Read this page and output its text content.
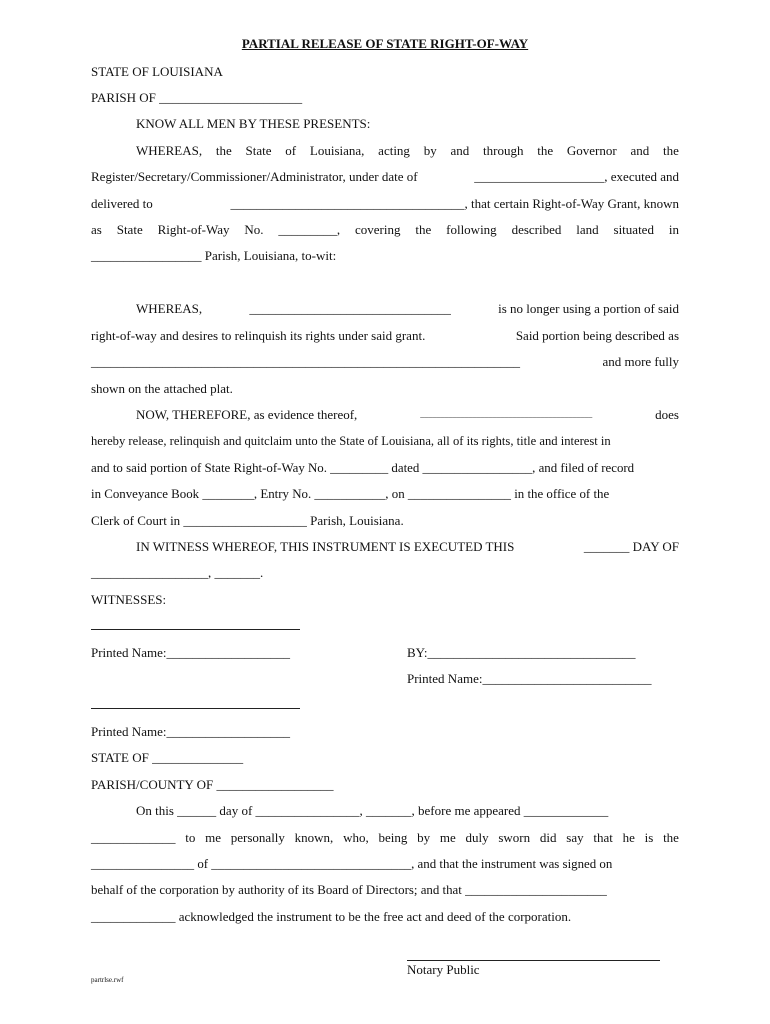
PARTIAL RELEASE OF STATE RIGHT-OF-WAY
STATE OF LOUISIANA
PARISH OF ______________________
KNOW ALL MEN BY THESE PRESENTS:
WHEREAS, the State of Louisiana, acting by and through the Governor and the
Register/Secretary/Commissioner/Administrator, under date of	____________________, executed and
delivered to	____________________________________, that certain Right-of-Way Grant, known
as State Right-of-Way No. _________, covering the following described land situated in
_________________ Parish, Louisiana, to-wit:
WHEREAS,	_______________________________	is no longer using a portion of said
right-of-way and desires to relinquish its rights under said grant.	Said portion being described as
__________________________________________________________________	and more fully
shown on the attached plat.
NOW, THEREFORE, as evidence thereof,	___________________________________________	does
hereby release, relinquish and quitclaim unto the State of Louisiana, all of its rights, title and interest in
and to said portion of State Right-of-Way No. _________ dated _________________, and filed of record
in Conveyance Book ________, Entry No. ___________, on ________________ in the office of the
Clerk of Court in ___________________ Parish, Louisiana.
IN WITNESS WHEREOF, THIS INSTRUMENT IS EXECUTED THIS	_______ DAY OF
__________________, _______.
WITNESSES:
Printed Name:___________________	BY:________________________________
Printed Name:__________________________
Printed Name:___________________
STATE OF ______________
PARISH/COUNTY OF __________________
On this ______ day of ________________, _______, before me appeared _____________
_____________ to me personally known, who, being by me duly sworn did say that he is the
________________ of _______________________________, and that the instrument was signed on
behalf of the corporation by authority of its Board of Directors; and that ______________________
_____________ acknowledged the instrument to be the free act and deed of the corporation.
Notary Public
partrlse.rwf
